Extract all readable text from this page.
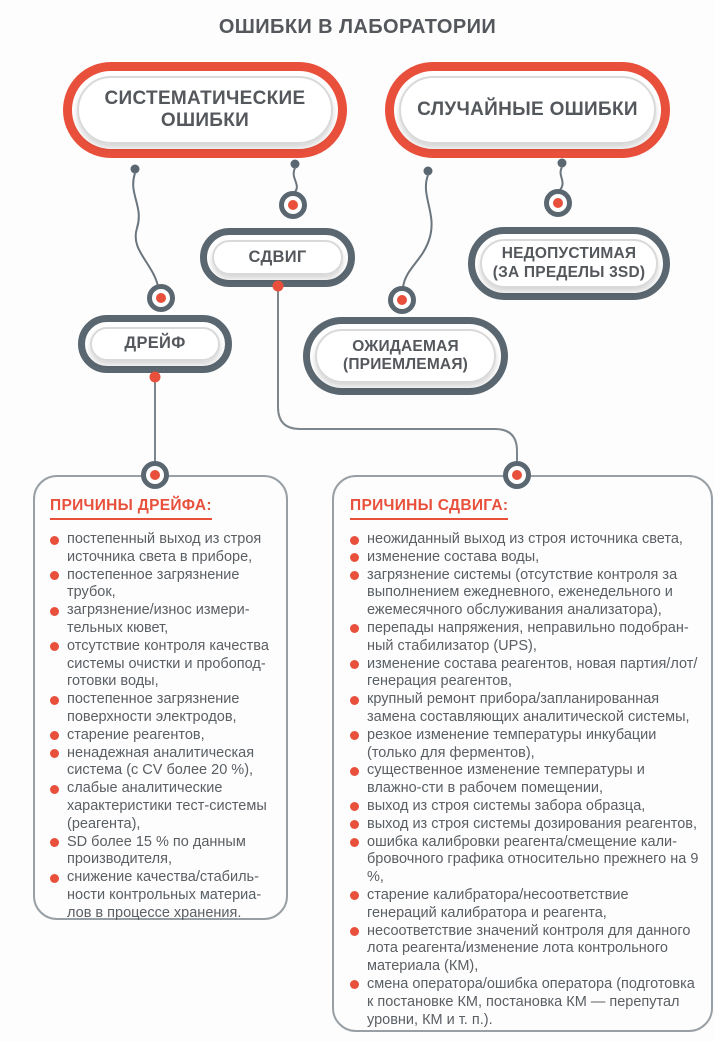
ОШИБКИ В ЛАБОРАТОРИИ
СИСТЕМАТИЧЕСКИЕ
ОШИБКИ
СЛУЧАЙНЫЕ ОШИБКИ
СДВИГ	НЕДОПУСТИМАЯ
(ЗА ПРЕДЕЛЫ 3SD)
ДРЕЙФ	ОЖИДАЕМАЯ
(ПРИЕМЛЕМАЯ)
ПРИЧИНЫ ДРЕЙФА:
постепенный выход из строя источника света в приборе,
постепенное загрязнение трубок,
загрязнение/износ измери-тельных кювет,
отсутствие контроля качества системы очистки и пробопод-готовки воды,
постепенное загрязнение поверхности электродов,
старение реагентов,
ненадежная аналитическая система (с CV более 20 %),
слабые аналитические характеристики тест-системы (реагента),
SD более 15 % по данным производителя,
снижение качества/стабиль-ности контрольных материа-лов в процессе хранения.
ПРИЧИНЫ СДВИГА:
неожиданный выход из строя источника света,
изменение состава воды,
загрязнение системы (отсутствие контроля за выполнением ежедневного, еженедельного и ежемесячного обслуживания анализатора),
перепады напряжения, неправильно подобран-ный стабилизатор (UPS),
изменение состава реагентов, новая партия/лот/генерация реагентов,
крупный ремонт прибора/запланированная замена составляющих аналитической системы,
резкое изменение температуры инкубации (только для ферментов),
существенное изменение температуры и влажно-сти в рабочем помещении,
выход из строя системы забора образца,
выход из строя системы дозирования реагентов,
ошибка калибровки реагента/смещение кали-бровочного графика относительно прежнего на 9 %,
старение калибратора/несоответствие генераций калибратора и реагента,
несоответствие значений контроля для данного лота реагента/изменение лота контрольного материала (КМ),
смена оператора/ошибка оператора (подготовка к постановке КМ, постановка КМ — перепутал уровни, КМ и т. п.).
